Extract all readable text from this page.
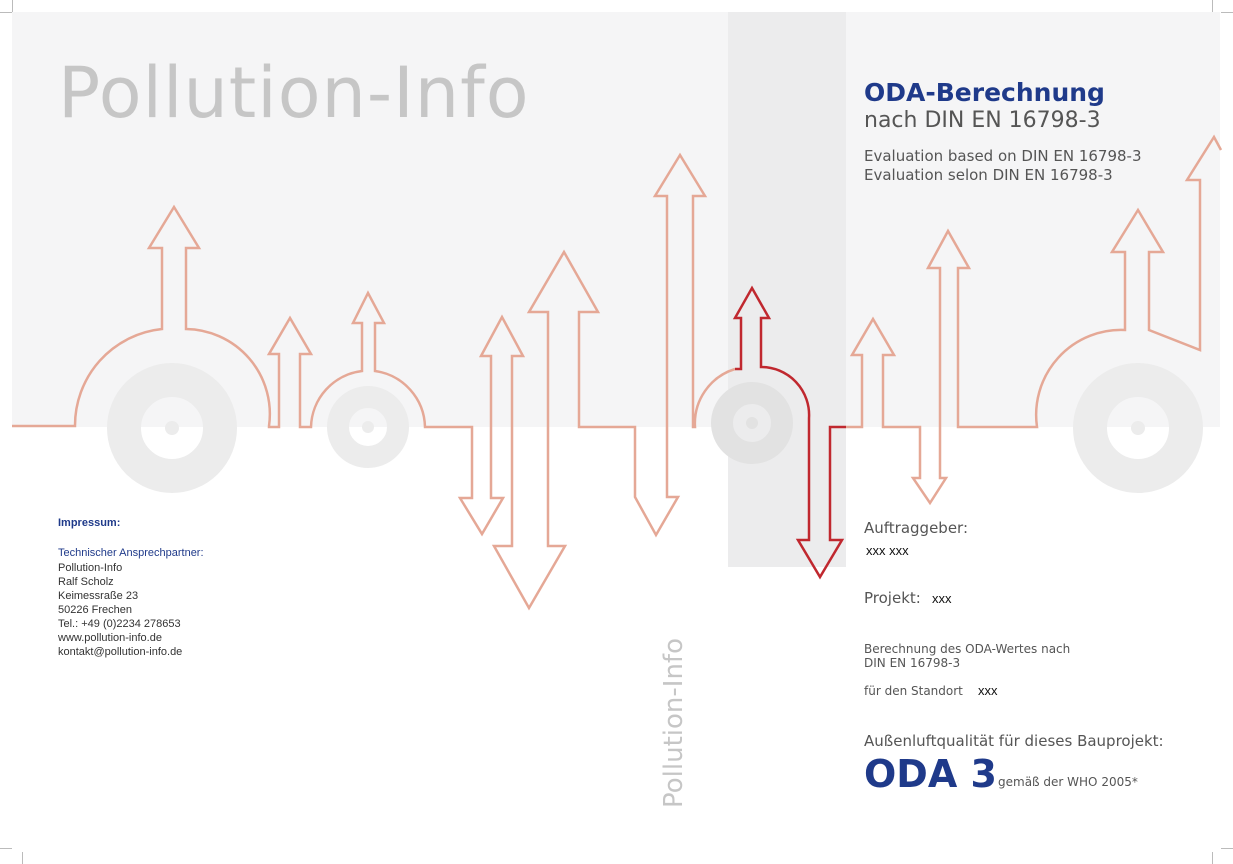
Pollution-Info
Pollution-Info
ODA-Berechnung
nach DIN EN 16798-3
Evaluation based on DIN EN 16798-3
Evaluation selon DIN EN 16798-3
Auftraggeber:
xxx xxx
Projekt: xxx
Berechnung des ODA-Wertes nach
DIN EN 16798-3
für den Standort xxx
Außenluftqualität für dieses Bauprojekt:
ODA 3 gemäß der WHO 2005*
Impressum:
Technischer Ansprechpartner:
Pollution-Info
Ralf Scholz
Keimessraße 23
50226 Frechen
Tel.: +49 (0)2234 278653
www.pollution-info.de
kontakt@pollution-info.de
